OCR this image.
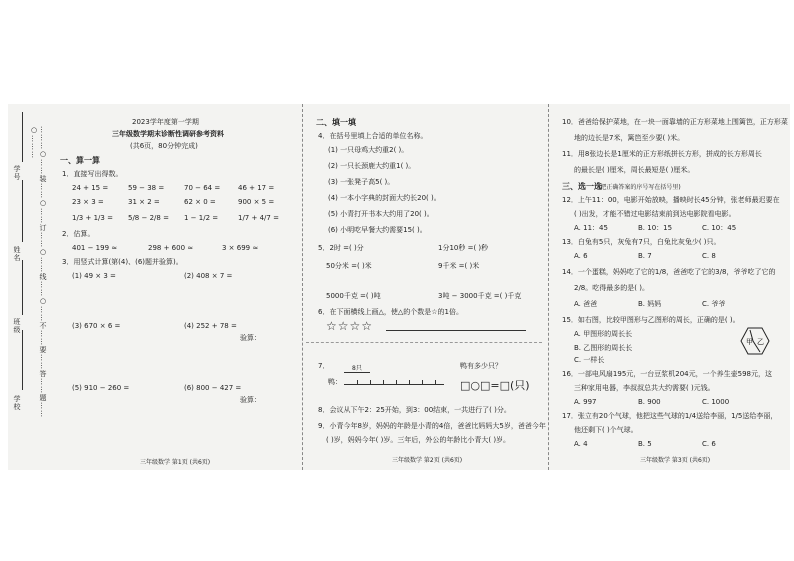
学校
班级
姓名
学号	………○……装……○……订……○……线……○……不……要……答……题……○………
2023学年度第一学期
三年级数学期末诊断性调研参考资料
(共6页，80分钟完成)
一、算一算
1．直接写出得数。
24 + 15 =	59 − 38 =	70 − 64 =	46 + 17 =
23 × 3 =	31 × 2 =	62 × 0 =	900 × 5 =
1/3 + 1/3 = 5/8 − 2/8 = 1 − 1/2 =	1/7 + 4/7 =
2．估算。
401 − 199 ≈	298 + 600 ≈	3 × 699 ≈
3．用竖式计算(第(4)、(6)题并验算)。
(1) 49 × 3 =	(2) 408 × 7 =
(3) 670 × 6 =	(4) 252 + 78 =
验算：
(5) 910 − 260 =	(6) 800 − 427 =
验算：
三年级数学 第1页 (共6页)
二、填一填
4．在括号里填上合适的单位名称。
(1) 一只母鸡大约重2( )。
(2) 一只长颈鹿大约重1( )。
(3) 一张凳子高5( )。
(4) 一本小字典的封面大约长20( )。
(5) 小青打开书本大约用了20( )。
(6) 小明吃早餐大约需要15( )。
5．2时 =( )分	1分10秒 =( )秒
50分米 =( )米	9千米 =( )米
5000千克 =( )吨	3吨 − 3000千克 =( )千克
6．在下面横线上画△，使△的个数是☆的1倍。
☆☆☆☆
7．	8只
鸭：
鸭有多少只？
□○□=□(只)
8．会议从下午2：25开始，到3：00结束，一共进行了( )分。
9．小青今年8岁，妈妈的年龄是小青的4倍，爸爸比妈妈大5岁，爸爸今年
( )岁，妈妈今年( )岁。三年后，外公的年龄比小青大( )岁。
三年级数学 第2页 (共6页)
10．爸爸给保护菜地，在一块一面靠墙的正方形菜地上围篱笆，正方形菜
地的边长是7米，篱笆至少要( )米。
11．用8张边长是1厘米的正方形纸拼长方形，拼成的长方形周长
的最长是( )厘米，周长最短是( )厘米。
三、选一选
(把正确答案的序号写在括号里)
12．上午11：00，电影开始放映，播映时长45分钟，张老师最迟要在
( )出发，才能不错过电影结束前到达电影院看电影。
A. 11：45	B. 10：15	C. 10：45
13．白兔有5只，灰兔有7只，白兔比灰兔少( )只。
A. 6	B. 7	C. 8
14．一个蛋糕，妈妈吃了它的1/8，爸爸吃了它的3/8，爷爷吃了它的
2/8。吃得最多的是( )。
A. 爸爸	B. 妈妈	C. 爷爷
15．如右图，比较甲图形与乙图形的周长，正确的是( )。
A. 甲图形的周长长
B. 乙图形的周长长
C. 一样长
甲 乙
16．一部电风扇195元，一台豆浆机204元，一个养生壶598元，这
三种家用电器，李叔叔总共大约需要( )元钱。
A. 997	B. 900	C. 1000
17．张立有20个气球，他把这些气球的1/4送给李丽，1/5送给李丽，
他还剩下( )个气球。
A. 4	B. 5	C. 6
三年级数学 第3页 (共6页)
